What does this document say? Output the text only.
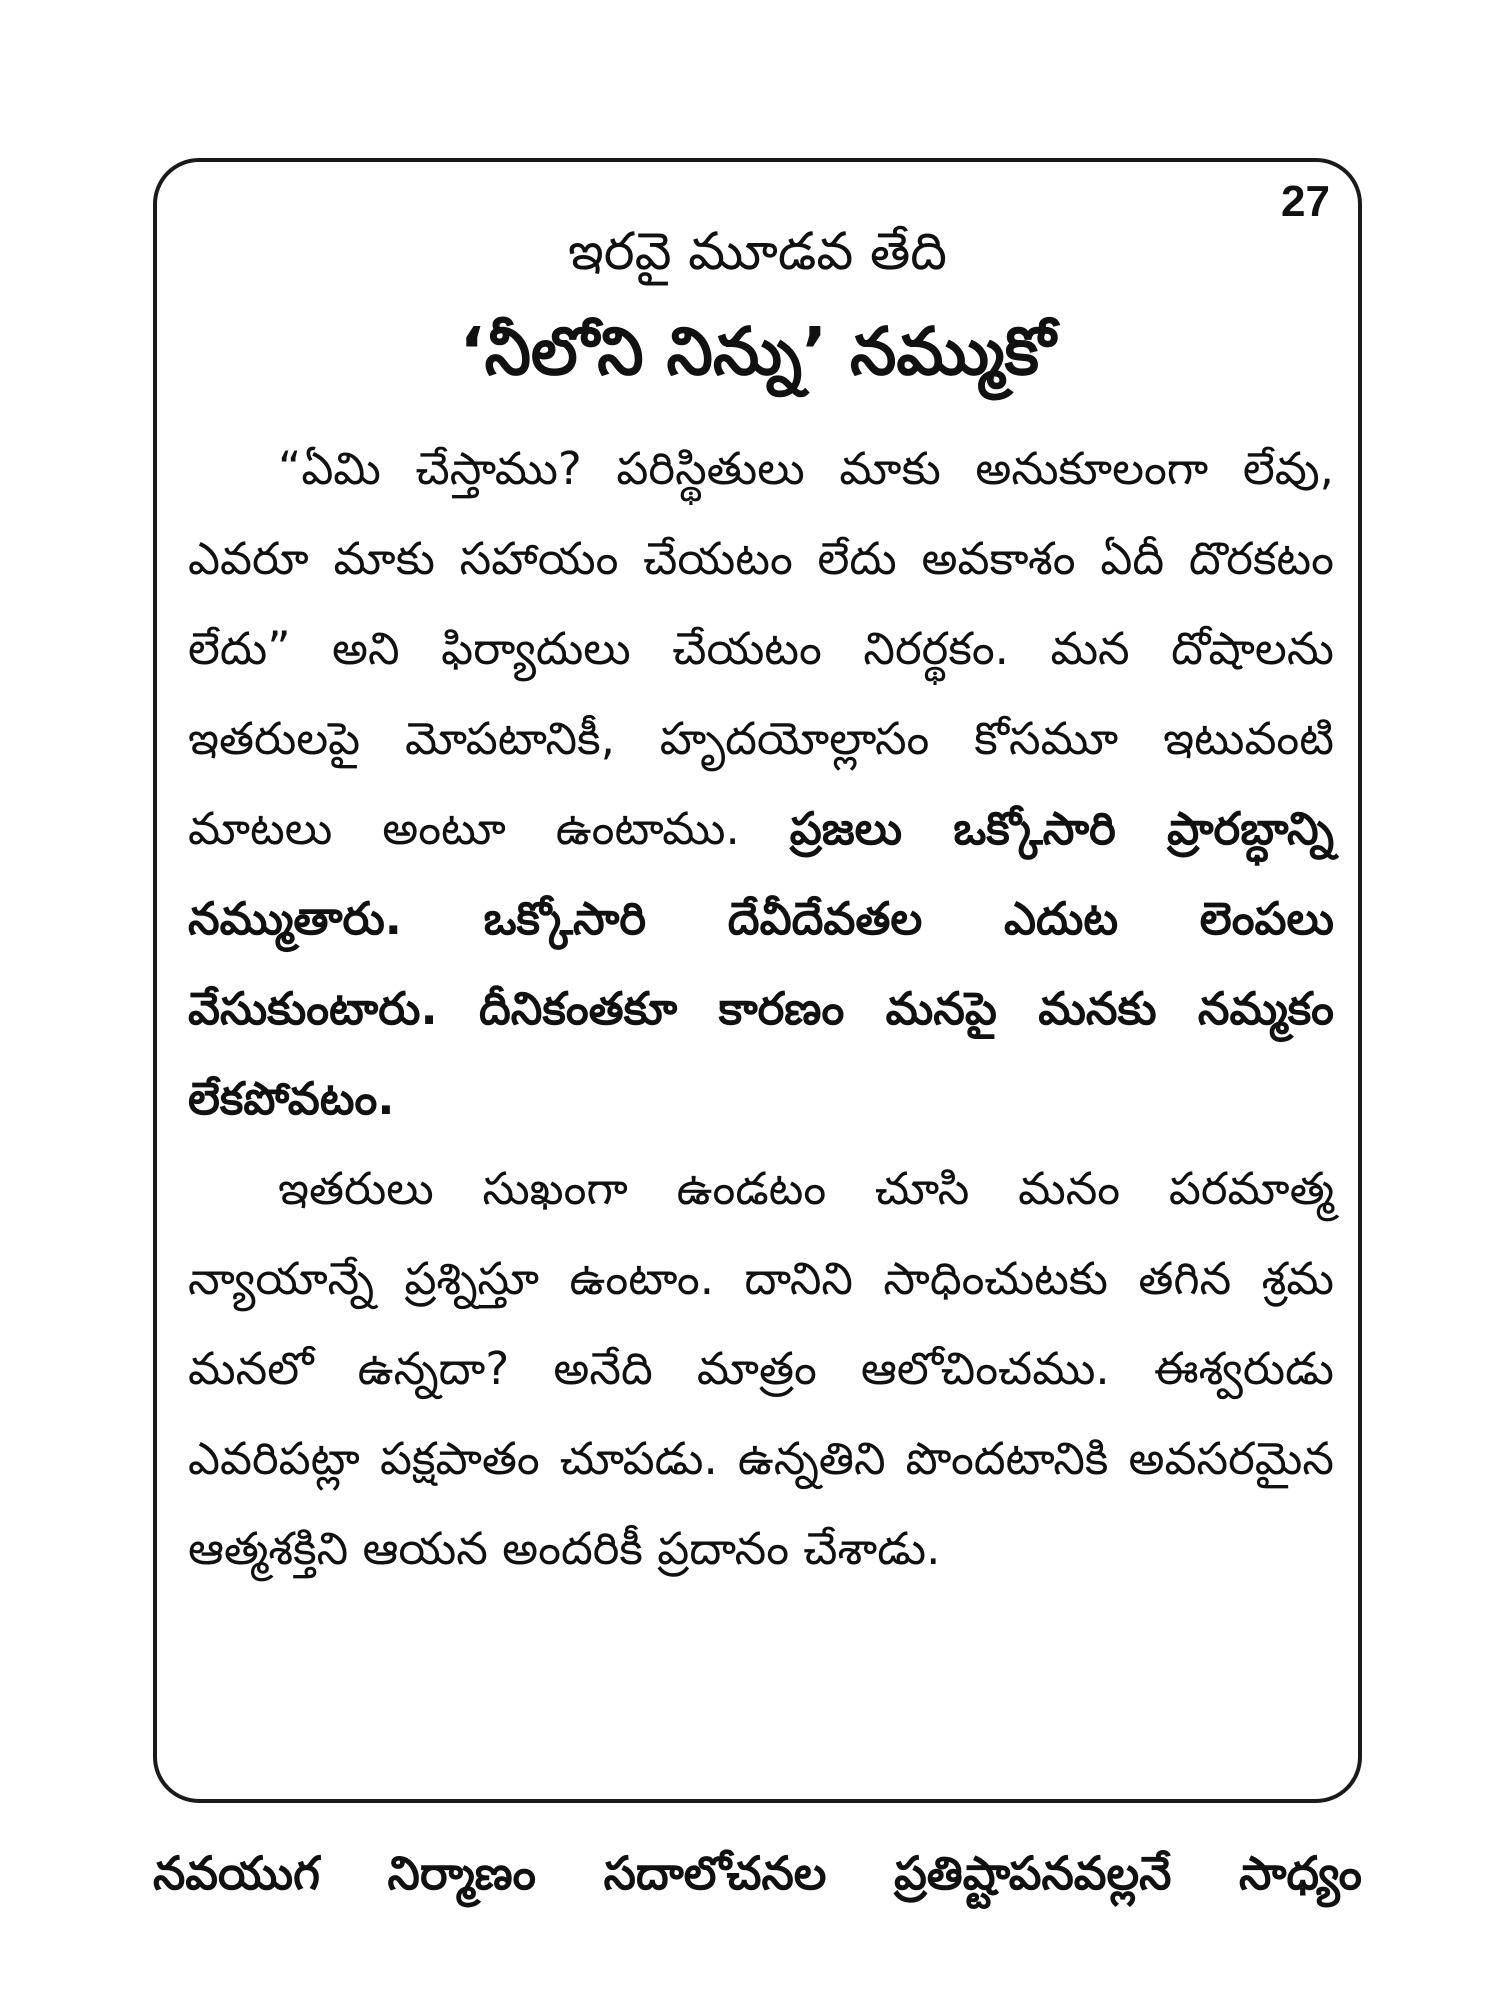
27
ఇరవై మూడవ తేది
‘నీలోని నిన్ను’ నమ్ముకో

“ఏమి చేస్తాము? పరిస్థితులు మాకు అనుకూలంగా లేవు, ఎవరూ మాకు సహాయం చేయటం లేదు అవకాశం ఏదీ దొరకటం లేదు” అని ఫిర్యాదులు చేయటం నిరర్థకం. మన దోషాలను ఇతరులపై మోపటానికీ, హృదయోల్లాసం కోసమూ ఇటువంటి మాటలు అంటూ ఉంటాము. ప్రజలు ఒక్కోసారి ప్రారబ్ధాన్ని నమ్ముతారు. ఒక్కోసారి దేవీదేవతల ఎదుట లెంపలు వేసుకుంటారు. దీనికంతకూ కారణం మనపై మనకు నమ్మకం లేకపోవటం.

ఇతరులు సుఖంగా ఉండటం చూసి మనం పరమాత్మ న్యాయాన్నే ప్రశ్నిస్తూ ఉంటాం. దానిని సాధించుటకు తగిన శ్రమ మనలో ఉన్నదా? అనేది మాత్రం ఆలోచించము. ఈశ్వరుడు ఎవరిపట్లా పక్షపాతం చూపడు. ఉన్నతిని పొందటానికి అవసరమైన ఆత్మశక్తిని ఆయన అందరికీ ప్రదానం చేశాడు.

నవయుగ నిర్మాణం సదాలోచనల ప్రతిష్టాపనవల్లనే సాధ్యం
